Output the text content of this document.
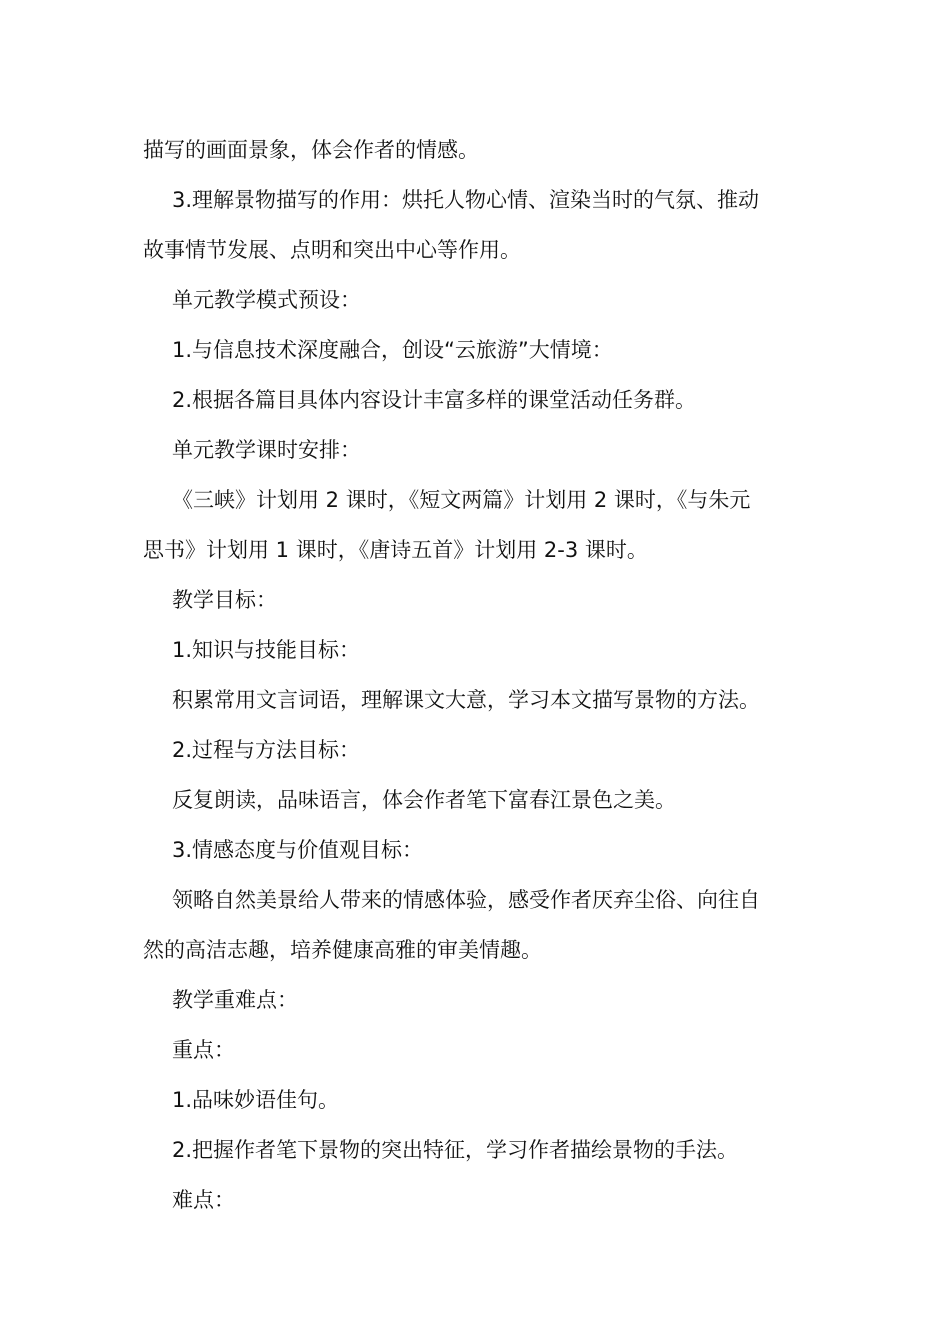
描写的画面景象，体会作者的情感。
3.理解景物描写的作用：烘托人物心情、渲染当时的气氛、推动
故事情节发展、点明和突出中心等作用。
单元教学模式预设：
1.与信息技术深度融合，创设“云旅游”大情境：
2.根据各篇目具体内容设计丰富多样的课堂活动任务群。
单元教学课时安排：
《三峡》计划用 2 课时，《短文两篇》计划用 2 课时，《与朱元
思书》计划用 1 课时，《唐诗五首》计划用 2-3 课时。
教学目标：
1.知识与技能目标：
积累常用文言词语，理解课文大意，学习本文描写景物的方法。
2.过程与方法目标：
反复朗读，品味语言，体会作者笔下富春江景色之美。
3.情感态度与价值观目标：
领略自然美景给人带来的情感体验，感受作者厌弃尘俗、向往自
然的高洁志趣，培养健康高雅的审美情趣。
教学重难点：
重点：
1.品味妙语佳句。
2.把握作者笔下景物的突出特征，学习作者描绘景物的手法。
难点：
